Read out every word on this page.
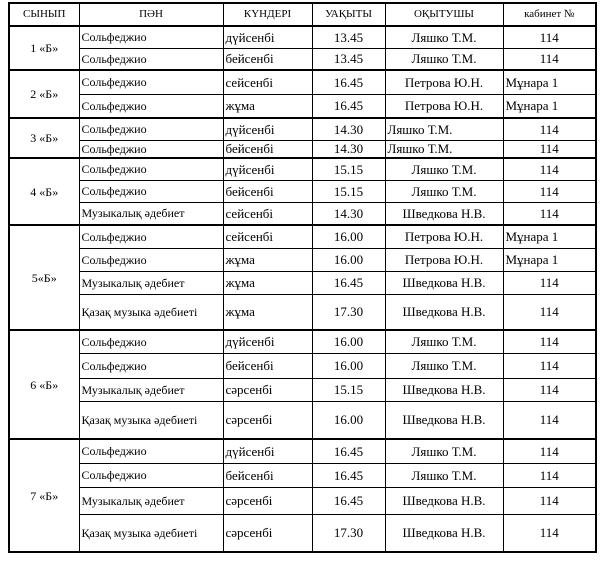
СЫНЫП	ПӘН	КҮНДЕРІ	УАҚЫТЫ	ОҚЫТУШЫ	кабинет №
1 «Б»	Сольфеджио	дүйсенбі	13.45	Ляшко Т.М.	114
	Сольфеджио	бейсенбі	13.45	Ляшко Т.М.	114
2 «Б»	Сольфеджио	сейсенбі	16.45	Петрова Ю.Н.	Мұнара 1
	Сольфеджио	жұма	16.45	Петрова Ю.Н.	Мұнара 1
3 «Б»	Сольфеджио	дүйсенбі	14.30	Ляшко Т.М.	114
	Сольфеджио	бейсенбі	14.30	Ляшко Т.М.	114
4 «Б»	Сольфеджио	дүйсенбі	15.15	Ляшко Т.М.	114
	Сольфеджио	бейсенбі	15.15	Ляшко Т.М.	114
	Музыкалық әдебиет	сейсенбі	14.30	Шведкова Н.В.	114
5«Б»	Сольфеджио	сейсенбі	16.00	Петрова Ю.Н.	Мұнара 1
	Сольфеджио	жұма	16.00	Петрова Ю.Н.	Мұнара 1
	Музыкалық әдебиет	жұма	16.45	Шведкова Н.В.	114
	Қазақ музыка әдебиеті	жұма	17.30	Шведкова Н.В.	114
6 «Б»	Сольфеджио	дүйсенбі	16.00	Ляшко Т.М.	114
	Сольфеджио	бейсенбі	16.00	Ляшко Т.М.	114
	Музыкалық әдебиет	сәрсенбі	15.15	Шведкова Н.В.	114
	Қазақ музыка әдебиеті	сәрсенбі	16.00	Шведкова Н.В.	114
7 «Б»	Сольфеджио	дүйсенбі	16.45	Ляшко Т.М.	114
	Сольфеджио	бейсенбі	16.45	Ляшко Т.М.	114
	Музыкалық әдебиет	сәрсенбі	16.45	Шведкова Н.В.	114
	Қазақ музыка әдебиеті	сәрсенбі	17.30	Шведкова Н.В.	114
